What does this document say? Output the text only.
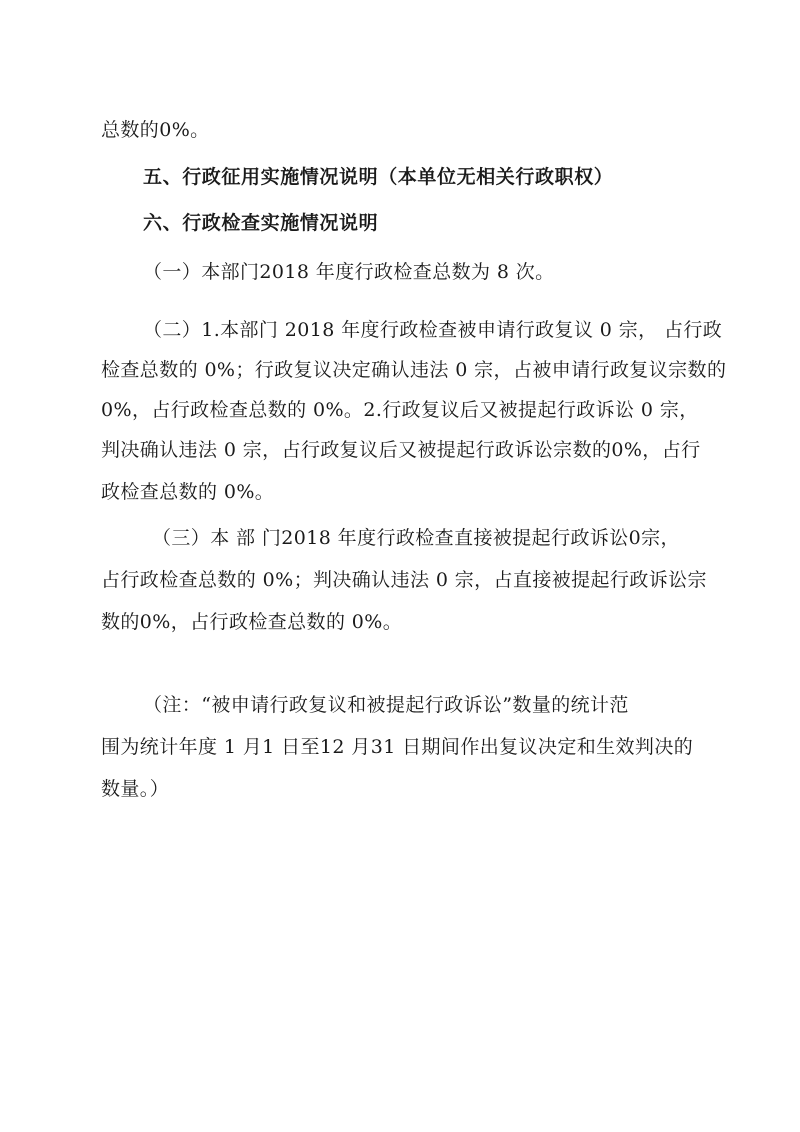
总数的0%。

五、行政征用实施情况说明（本单位无相关行政职权）

六、行政检查实施情况说明

（一）本部门2018 年度行政检查总数为 8 次。

（二）1.本部门 2018 年度行政检查被申请行政复议 0 宗， 占行政

检查总数的 0%；行政复议决定确认违法 0 宗，占被申请行政复议宗数的

0%，占行政检查总数的 0%。2.行政复议后又被提起行政诉讼 0 宗，

判决确认违法 0 宗，占行政复议后又被提起行政诉讼宗数的0%，占行

政检查总数的 0%。

（三）本 部 门2018 年度行政检查直接被提起行政诉讼0宗，

占行政检查总数的 0%；判决确认违法 0 宗，占直接被提起行政诉讼宗

数的0%，占行政检查总数的 0%。

（注：“被申请行政复议和被提起行政诉讼”数量的统计范

围为统计年度 1 月1 日至12 月31 日期间作出复议决定和生效判决的

数量。）
